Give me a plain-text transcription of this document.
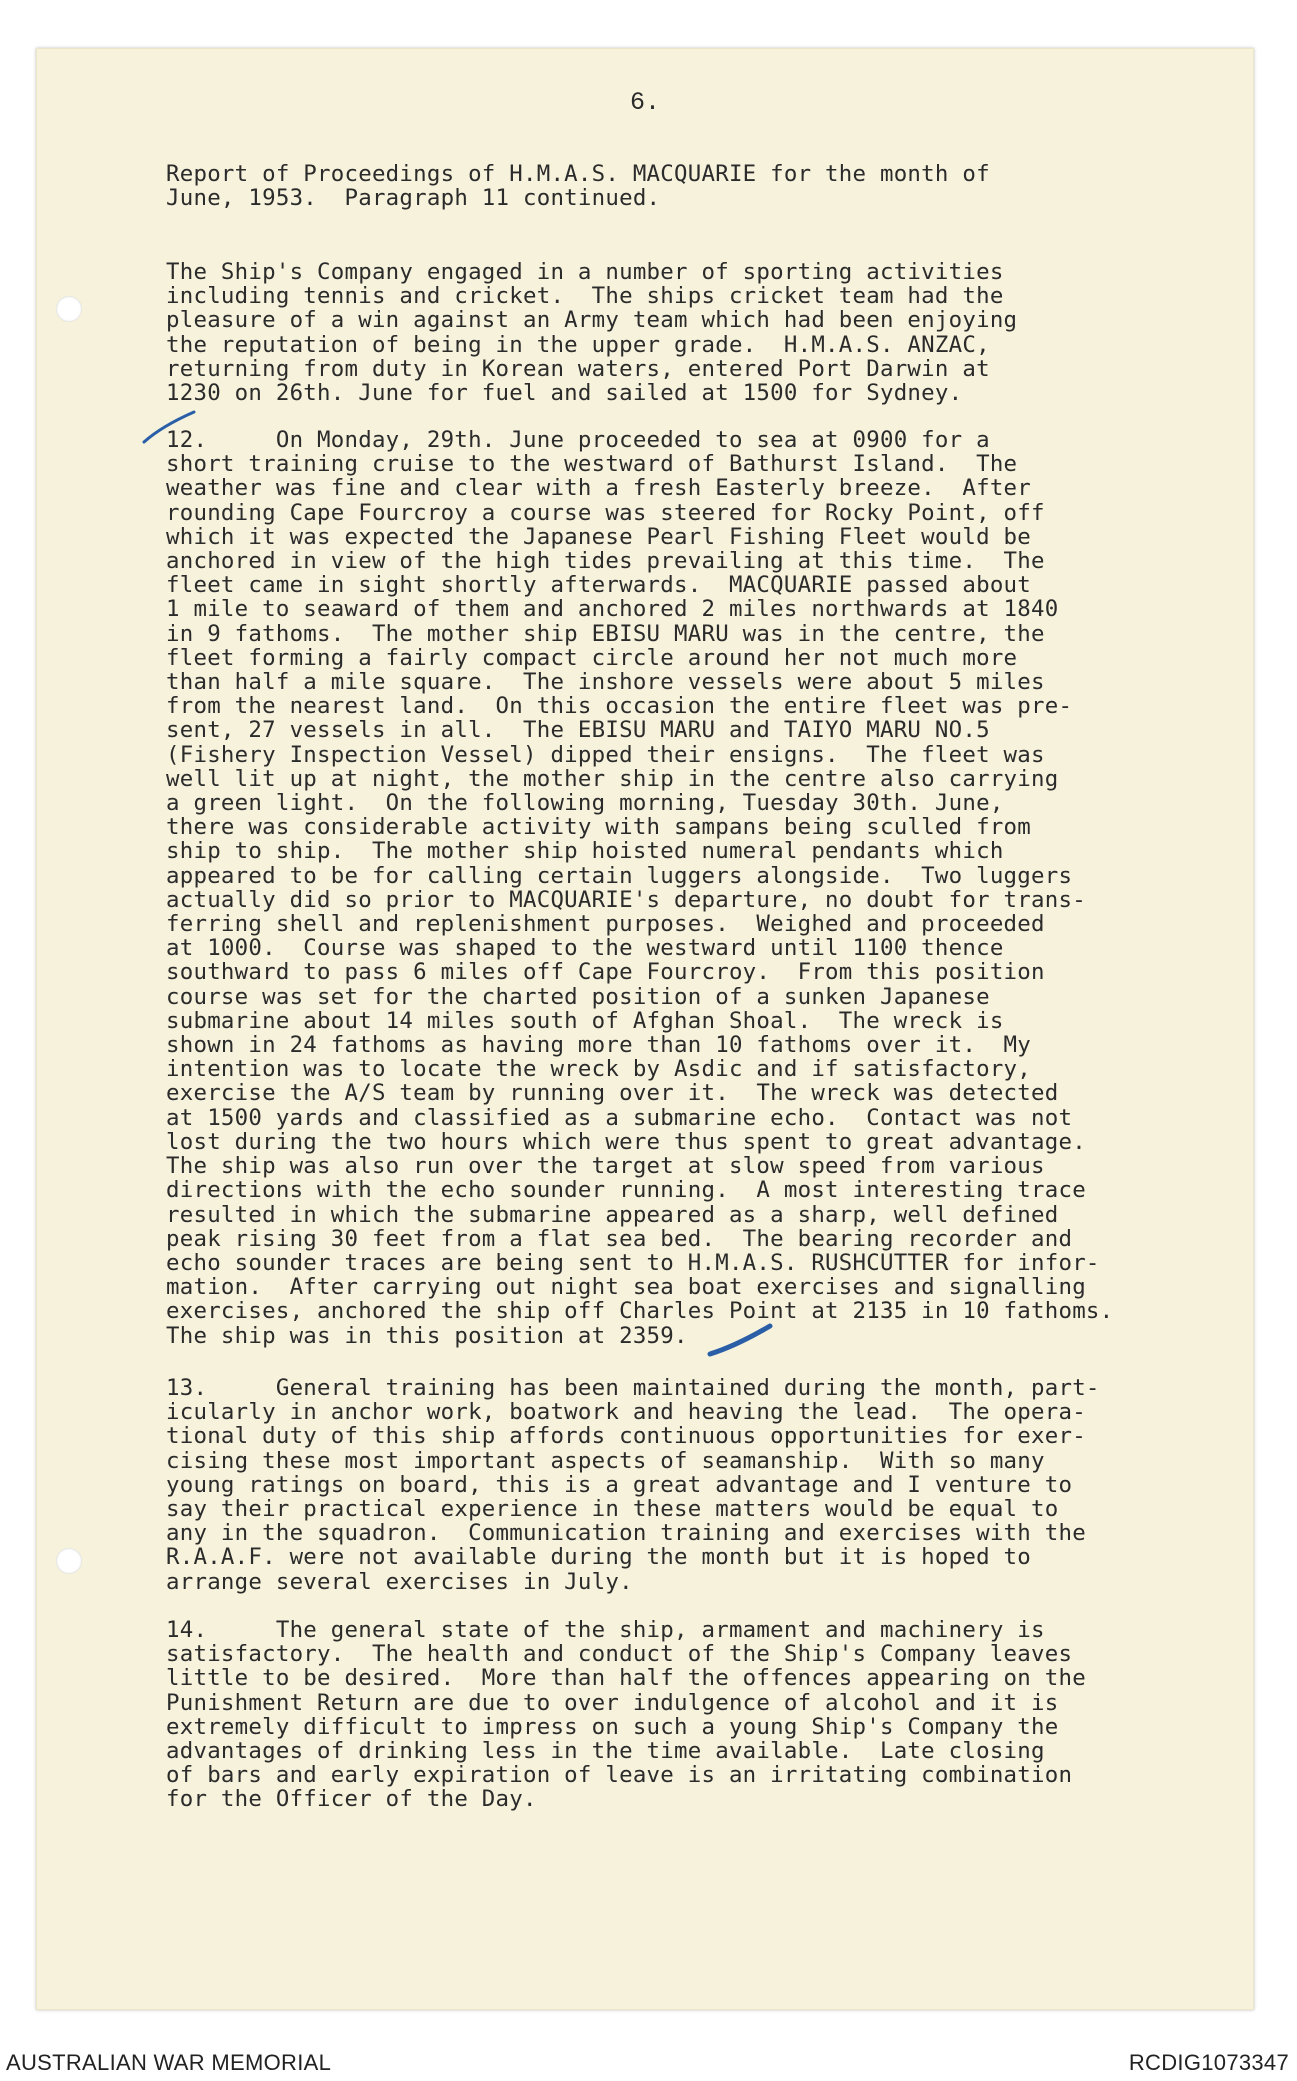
6.

Report of Proceedings of H.M.A.S. MACQUARIE for the month of
June, 1953.  Paragraph 11 continued.
The Ship's Company engaged in a number of sporting activities
including tennis and cricket.  The ships cricket team had the
pleasure of a win against an Army team which had been enjoying
the reputation of being in the upper grade.  H.M.A.S. ANZAC,
returning from duty in Korean waters, entered Port Darwin at
1230 on 26th. June for fuel and sailed at 1500 for Sydney.
12.     On Monday, 29th. June proceeded to sea at 0900 for a
short training cruise to the westward of Bathurst Island.  The
weather was fine and clear with a fresh Easterly breeze.  After
rounding Cape Fourcroy a course was steered for Rocky Point, off
which it was expected the Japanese Pearl Fishing Fleet would be
anchored in view of the high tides prevailing at this time.  The
fleet came in sight shortly afterwards.  MACQUARIE passed about
1 mile to seaward of them and anchored 2 miles northwards at 1840
in 9 fathoms.  The mother ship EBISU MARU was in the centre, the
fleet forming a fairly compact circle around her not much more
than half a mile square.  The inshore vessels were about 5 miles
from the nearest land.  On this occasion the entire fleet was pre-
sent, 27 vessels in all.  The EBISU MARU and TAIYO MARU NO.5
(Fishery Inspection Vessel) dipped their ensigns.  The fleet was
well lit up at night, the mother ship in the centre also carrying
a green light.  On the following morning, Tuesday 30th. June,
there was considerable activity with sampans being sculled from
ship to ship.  The mother ship hoisted numeral pendants which
appeared to be for calling certain luggers alongside.  Two luggers
actually did so prior to MACQUARIE's departure, no doubt for trans-
ferring shell and replenishment purposes.  Weighed and proceeded
at 1000.  Course was shaped to the westward until 1100 thence
southward to pass 6 miles off Cape Fourcroy.  From this position
course was set for the charted position of a sunken Japanese
submarine about 14 miles south of Afghan Shoal.  The wreck is
shown in 24 fathoms as having more than 10 fathoms over it.  My
intention was to locate the wreck by Asdic and if satisfactory,
exercise the A/S team by running over it.  The wreck was detected
at 1500 yards and classified as a submarine echo.  Contact was not
lost during the two hours which were thus spent to great advantage.
The ship was also run over the target at slow speed from various
directions with the echo sounder running.  A most interesting trace
resulted in which the submarine appeared as a sharp, well defined
peak rising 30 feet from a flat sea bed.  The bearing recorder and
echo sounder traces are being sent to H.M.A.S. RUSHCUTTER for infor-
mation.  After carrying out night sea boat exercises and signalling
exercises, anchored the ship off Charles Point at 2135 in 10 fathoms.
The ship was in this position at 2359.
13.     General training has been maintained during the month, part-
icularly in anchor work, boatwork and heaving the lead.  The opera-
tional duty of this ship affords continuous opportunities for exer-
cising these most important aspects of seamanship.  With so many
young ratings on board, this is a great advantage and I venture to
say their practical experience in these matters would be equal to
any in the squadron.  Communication training and exercises with the
R.A.A.F. were not available during the month but it is hoped to
arrange several exercises in July.
14.     The general state of the ship, armament and machinery is
satisfactory.  The health and conduct of the Ship's Company leaves
little to be desired.  More than half the offences appearing on the
Punishment Return are due to over indulgence of alcohol and it is
extremely difficult to impress on such a young Ship's Company the
advantages of drinking less in the time available.  Late closing
of bars and early expiration of leave is an irritating combination
for the Officer of the Day.

AUSTRALIAN WAR MEMORIAL	RCDIG1073347
